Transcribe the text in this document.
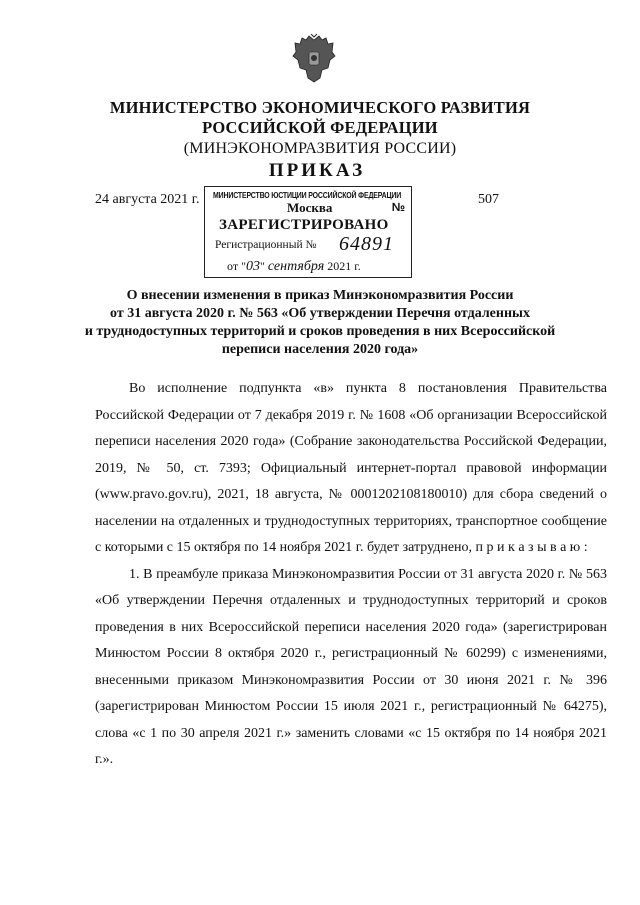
МИНИСТЕРСТВО ЭКОНОМИЧЕСКОГО РАЗВИТИЯ
РОССИЙСКОЙ ФЕДЕРАЦИИ
(МИНЭКОНОМРАЗВИТИЯ РОССИИ)
ПРИКАЗ
24 августа 2021 г.	507
МИНИСТЕРСТВО ЮСТИЦИИ РОССИЙСКОЙ ФЕДЕРАЦИИ
Москва	№
ЗАРЕГИСТРИРОВАНО
Регистрационный № 64891
от "03" сентября 2021 г.
О внесении изменения в приказ Минэкономразвития России
от 31 августа 2020 г. № 563 «Об утверждении Перечня отдаленных
и труднодоступных территорий и сроков проведения в них Всероссийской
переписи населения 2020 года»

Во исполнение подпункта «в» пункта 8 постановления Правительства Российской Федерации от 7 декабря 2019 г. № 1608 «Об организации Всероссийской переписи населения 2020 года» (Собрание законодательства Российской Федерации, 2019, № 50, ст. 7393; Официальный интернет-портал правовой информации (www.pravo.gov.ru), 2021, 18 августа, № 0001202108180010) для сбора сведений о населении на отдаленных и труднодоступных территориях, транспортное сообщение с которыми с 15 октября по 14 ноября 2021 г. будет затруднено, п р и к а з ы в а ю :

1. В преамбуле приказа Минэкономразвития России от 31 августа 2020 г. № 563 «Об утверждении Перечня отдаленных и труднодоступных территорий и сроков проведения в них Всероссийской переписи населения 2020 года» (зарегистрирован Минюстом России 8 октября 2020 г., регистрационный № 60299) с изменениями, внесенными приказом Минэкономразвития России от 30 июня 2021 г. № 396 (зарегистрирован Минюстом России 15 июля 2021 г., регистрационный № 64275), слова «с 1 по 30 апреля 2021 г.» заменить словами «с 15 октября по 14 ноября 2021 г.».
